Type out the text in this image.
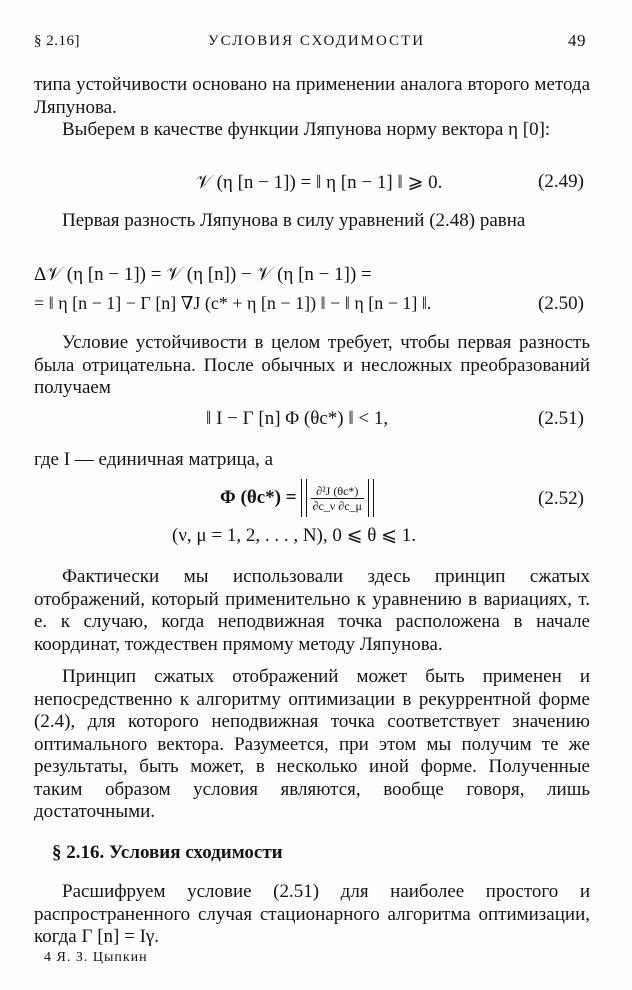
§ 2.16]	УСЛОВИЯ СХОДИМОСТИ	49
типа устойчивости основано на применении аналога второго метода Ляпунова.
Выберем в качестве функции Ляпунова норму вектора η [0]:
𝒱 (η [n − 1]) = ‖ η [n − 1] ‖ ⩾ 0.	(2.49)
Первая разность Ляпунова в силу уравнений (2.48) равна
Δ𝒱 (η [n − 1]) = 𝒱 (η [n]) − 𝒱 (η [n − 1]) =
= ‖ η [n − 1] − Γ [n] ∇J (c* + η [n − 1]) ‖ − ‖ η [n − 1] ‖.	(2.50)
Условие устойчивости в целом требует, чтобы первая разность была отрицательна. После обычных и несложных преобразований получаем
‖ I − Γ [n] Φ (θc*) ‖ < 1,	(2.51)
где I — единичная матрица, а
Φ $(\theta c*) = \frac{\text{∂²J (θc*)}}{\partial c\_\nu \partial c\_\mu}$	(2.52)
(ν, μ = 1, 2, . . . , N), 0 ⩽ θ ⩽ 1.
Фактически мы использовали здесь принцип сжатых отображений, который применительно к уравнению в вариациях, т. е. к случаю, когда неподвижная точка расположена в начале координат, тождествен прямому методу Ляпунова.
Принцип сжатых отображений может быть применен и непосредственно к алгоритму оптимизации в рекуррентной форме (2.4), для которого неподвижная точка соответствует значению оптимального вектора. Разумеется, при этом мы получим те же результаты, быть может, в несколько иной форме. Полученные таким образом условия являются, вообще говоря, лишь достаточными.
§ 2.16. Условия сходимости
Расшифруем условие (2.51) для наиболее простого и распространенного случая стационарного алгоритма оптимизации, когда Γ [n] = Iγ.
4 Я. З. Цыпкин
